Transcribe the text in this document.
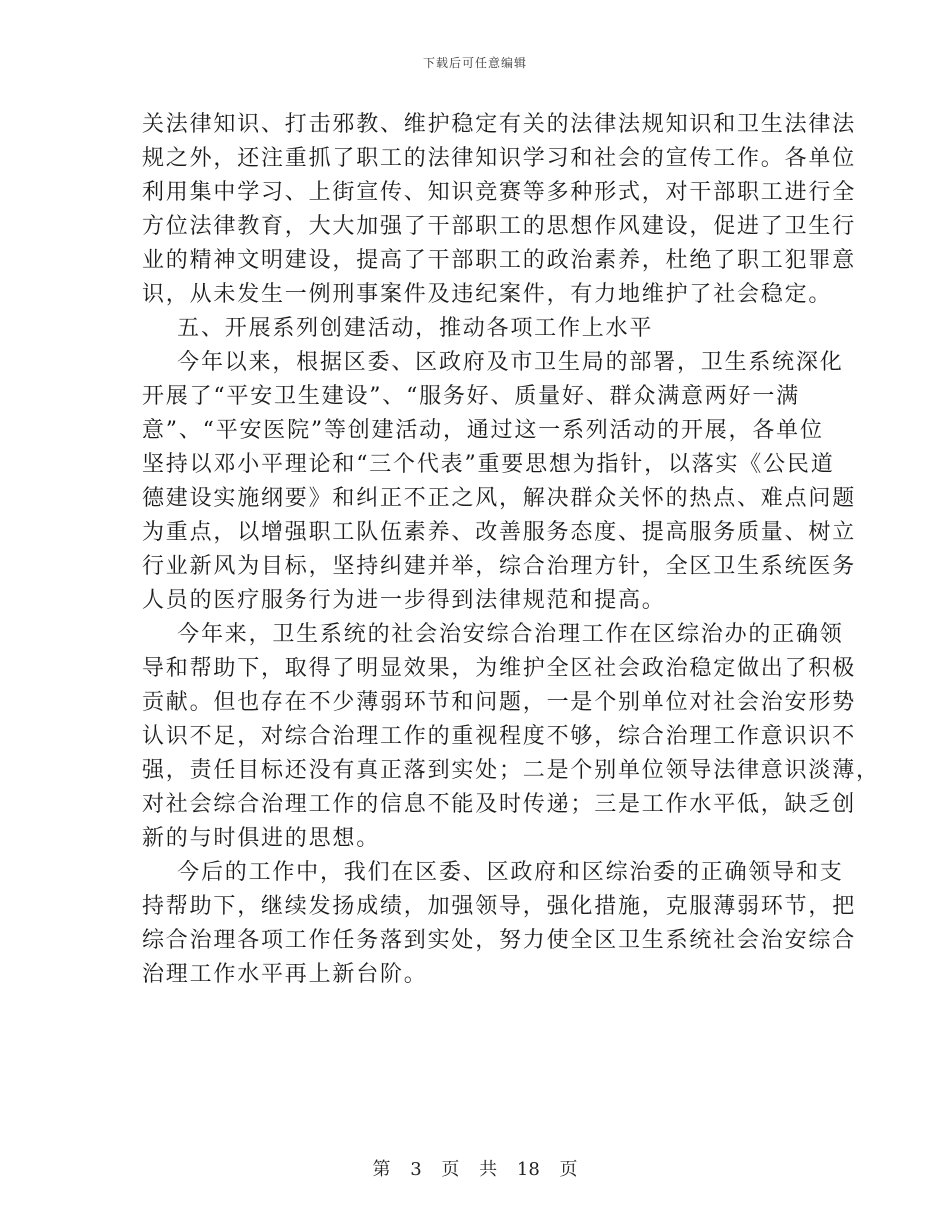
下载后可任意编辑
关法律知识、打击邪教、维护稳定有关的法律法规知识和卫生法律法
规之外，还注重抓了职工的法律知识学习和社会的宣传工作。各单位
利用集中学习、上街宣传、知识竞赛等多种形式，对干部职工进行全
方位法律教育，大大加强了干部职工的思想作风建设，促进了卫生行
业的精神文明建设，提高了干部职工的政治素养，杜绝了职工犯罪意
识，从未发生一例刑事案件及违纪案件，有力地维护了社会稳定。
五、开展系列创建活动，推动各项工作上水平
今年以来，根据区委、区政府及市卫生局的部署，卫生系统深化
开展了“平安卫生建设”、“服务好、质量好、群众满意两好一满
意”、“平安医院”等创建活动，通过这一系列活动的开展，各单位
坚持以邓小平理论和“三个代表”重要思想为指针，以落实《公民道
德建设实施纲要》和纠正不正之风，解决群众关怀的热点、难点问题
为重点，以增强职工队伍素养、改善服务态度、提高服务质量、树立
行业新风为目标，坚持纠建并举，综合治理方针，全区卫生系统医务
人员的医疗服务行为进一步得到法律规范和提高。
今年来，卫生系统的社会治安综合治理工作在区综治办的正确领
导和帮助下，取得了明显效果，为维护全区社会政治稳定做出了积极
贡献。但也存在不少薄弱环节和问题，一是个别单位对社会治安形势
认识不足，对综合治理工作的重视程度不够，综合治理工作意识识不
强，责任目标还没有真正落到实处；二是个别单位领导法律意识淡薄，
对社会综合治理工作的信息不能及时传递；三是工作水平低，缺乏创
新的与时俱进的思想。
今后的工作中，我们在区委、区政府和区综治委的正确领导和支
持帮助下，继续发扬成绩，加强领导，强化措施，克服薄弱环节，把
综合治理各项工作任务落到实处，努力使全区卫生系统社会治安综合
治理工作水平再上新台阶。
第 3 页 共 18 页
